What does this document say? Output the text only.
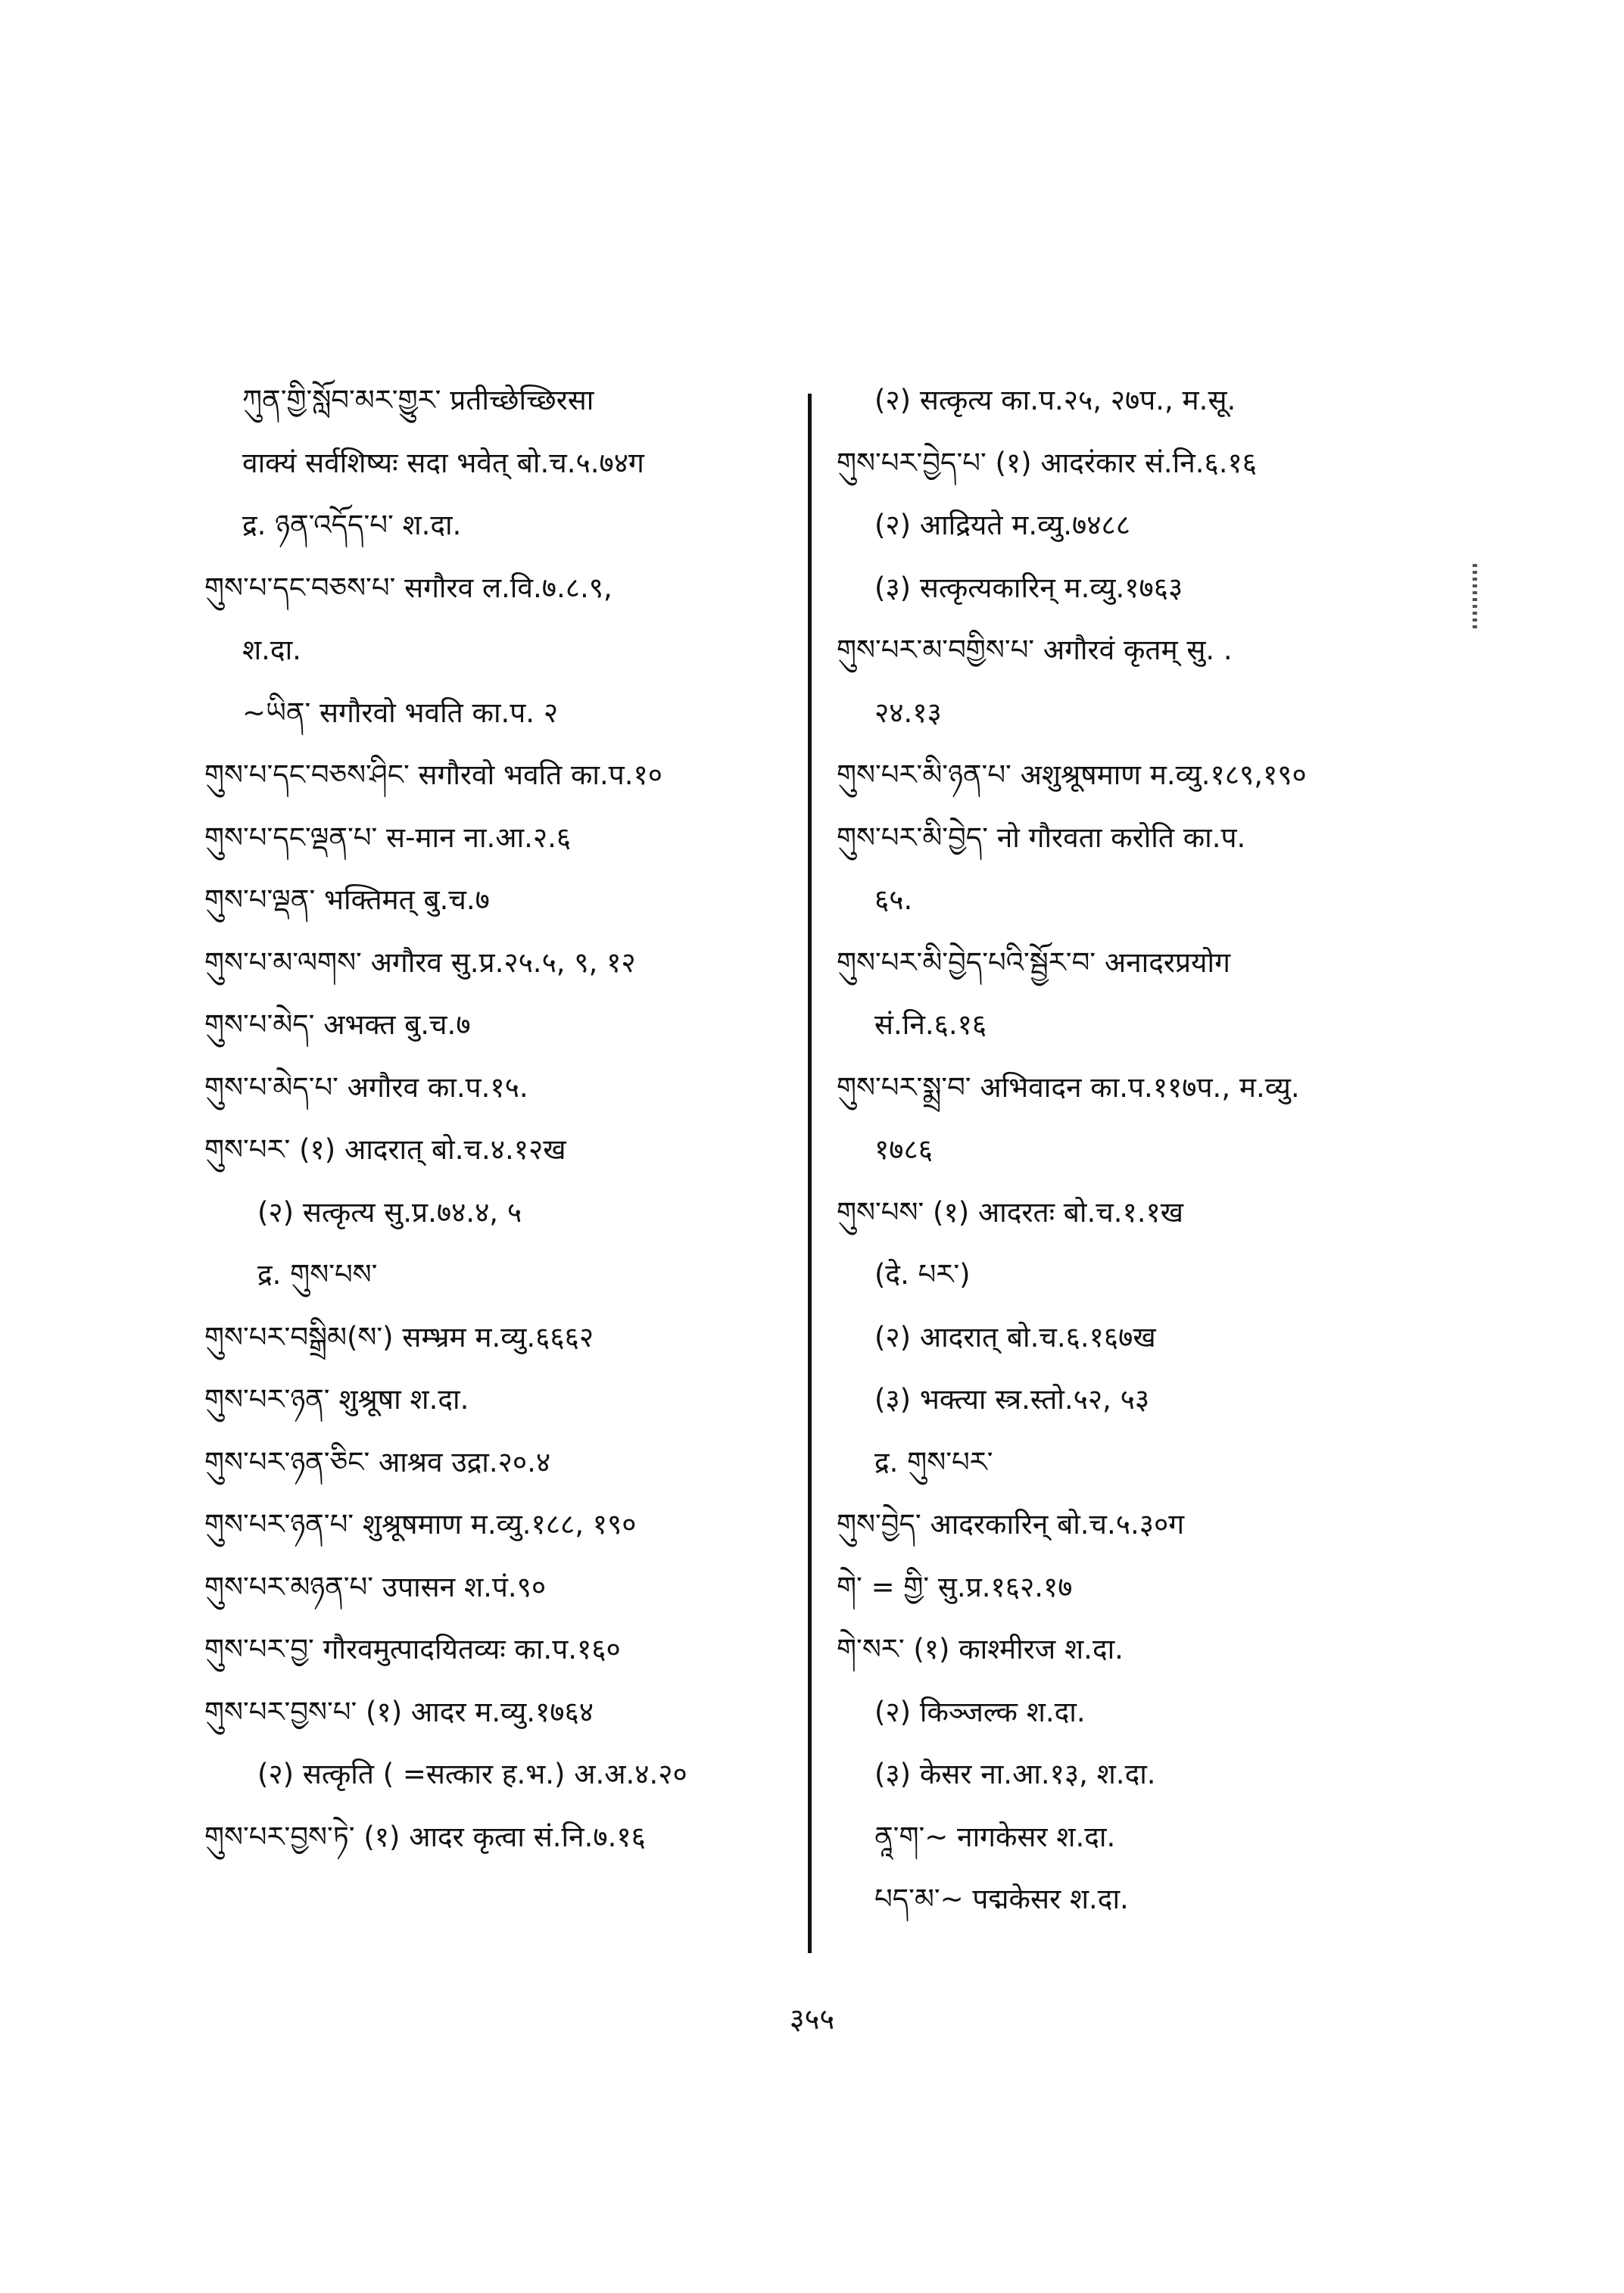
ཀུན་གྱི་སློབ་མར་གྱུར་ प्रतीच्छेच्छिरसा
वाक्यं सर्वशिष्यः सदा भवेत् बो.च.५.७४ग
द्र. ཉན་འདོད་པ་ श.दा.
གུས་པ་དང་བཅས་པ་ सगौरव ल.वि.७.८.९,
श.दा.
~ཡིན་ सगौरवो भवति का.प. २
གུས་པ་དང་བཅས་ཤིང་ सगौरवो भवति का.प.१०
གུས་པ་དང་ལྡན་པ་ स-मान ना.आ.२.६
གུས་པ་ལྡན་ भक्तिमत् बु.च.७
གུས་པ་མ་ལགས་ अगौरव सु.प्र.२५.५, ९, १२
གུས་པ་མེད་ अभक्त बु.च.७
གུས་པ་མེད་པ་ अगौरव का.प.१५.
གུས་པར་ (१) आदरात् बो.च.४.१२ख
(२) सत्कृत्य सु.प्र.७४.४, ५
द्र. གུས་པས་
གུས་པར་བསྒྲིམ(ས་) सम्भ्रम म.व्यु.६६६२
གུས་པར་ཉན་ शुश्रूषा श.दा.
གུས་པར་ཉན་ཅིང་ आश्रव उद्रा.२०.४
གུས་པར་ཉན་པ་ शुश्रूषमाण म.व्यु.१८८, १९०
གུས་པར་མཉན་པ་ उपासन श.पं.९०
གུས་པར་བྱ་ गौरवमुत्पादयितव्यः का.प.१६०
གུས་པར་བྱས་པ་ (१) आदर म.व्यु.१७६४
(२) सत्कृति ( =सत्कार ह.भ.) अ.अ.४.२०
གུས་པར་བྱས་ཏེ་ (१) आदर कृत्वा सं.नि.७.१६
(२) सत्कृत्य का.प.२५, २७प., म.सू.
གུས་པར་བྱེད་པ་ (१) आदरंकार सं.नि.६.१६
(२) आद्रियते म.व्यु.७४८८
(३) सत्कृत्यकारिन् म.व्यु.१७६३
གུས་པར་མ་བགྱིས་པ་ अगौरवं कृतम् सु. .
२४.१३
གུས་པར་མི་ཉན་པ་ अशुश्रूषमाण म.व्यु.१८९,१९०
གུས་པར་མི་བྱེད་ नो गौरवता करोति का.प.
६५.
གུས་པར་མི་བྱེད་པའི་སྦྱོར་བ་ अनादरप्रयोग
सं.नि.६.१६
གུས་པར་སྨྲ་བ་ अभिवादन का.प.११७प., म.व्यु.
१७८६
གུས་པས་ (१) आदरतः बो.च.१.१ख
(दे. པར་)
(२) आदरात् बो.च.६.१६७ख
(३) भक्त्या स्त्र.स्तो.५२, ५३
द्र. གུས་པར་
གུས་བྱེད་ आदरकारिन् बो.च.५.३०ग
གེ་ = གྱི་ सु.प्र.१६२.१७
གེ་སར་ (१) काश्मीरज श.दा.
(२) किञ्जल्क श.दा.
(३) केसर ना.आ.१३, श.दा.
ནཱ་ག་~ नागकेसर श.दा.
པད་མ་~ पद्मकेसर श.दा.
३५५
